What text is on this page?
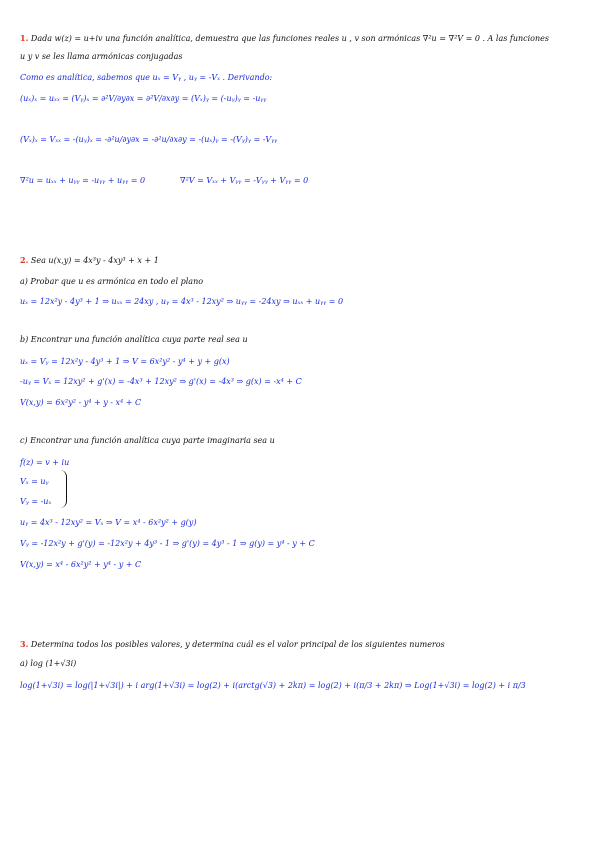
1. Dada w(z) = u+iv una función analítica, demuestra que las funciones reales u , v son armónicas ∇²u = ∇²V = 0 . A las funciones
u y v se les llama armónicas conjugadas
Como es analítica, sabemos que uₓ = Vᵧ , uᵧ = -Vₓ . Derivando:
(uₓ)ₓ = uₓₓ = (Vᵧ)ₓ = ∂²V/∂y∂x = ∂²V/∂x∂y = (Vₓ)ᵧ = (-uᵧ)ᵧ = -uᵧᵧ
(Vₓ)ₓ = Vₓₓ = -(uᵧ)ₓ = -∂²u/∂y∂x = -∂²u/∂x∂y = -(uₓ)ᵧ = -(Vᵧ)ᵧ = -Vᵧᵧ
∇²u = uₓₓ + uᵧᵧ = -uᵧᵧ + uᵧᵧ = 0	∇²V = Vₓₓ + Vᵧᵧ = -Vᵧᵧ + Vᵧᵧ = 0
2. Sea u(x,y) = 4x³y - 4xy³ + x + 1
a) Probar que u es armónica en todo el plano
uₓ = 12x²y - 4y³ + 1 ⇒ uₓₓ = 24xy , uᵧ = 4x³ - 12xy² ⇒ uᵧᵧ = -24xy ⇒ uₓₓ + uᵧᵧ = 0
b) Encontrar una función analítica cuya parte real sea u
uₓ = Vᵧ = 12x²y - 4y³ + 1 ⇒ V = 6x²y² - y⁴ + y + g(x)
-uᵧ = Vₓ = 12xy² + g'(x) = -4x³ + 12xy² ⇒ g'(x) = -4x³ ⇒ g(x) = -x⁴ + C
V(x,y) = 6x²y² - y⁴ + y - x⁴ + C
c) Encontrar una función analítica cuya parte imaginaria sea u
f(z) = v + iu
Vₓ = uᵧ
Vᵧ = -uₓ
uᵧ = 4x³ - 12xy² = Vₓ ⇒ V = x⁴ - 6x²y² + g(y)
Vᵧ = -12x²y + g'(y) = -12x²y + 4y³ - 1 ⇒ g'(y) = 4y³ - 1 ⇒ g(y) = y⁴ - y + C
V(x,y) = x⁴ - 6x²y² + y⁴ - y + C
3. Determina todos los posibles valores, y determina cuál es el valor principal de los siguientes numeros
a) log (1+√3i)
log(1+√3i) = log(|1+√3i|) + i arg(1+√3i) = log(2) + i(arctg(√3) + 2kπ) = log(2) + i(π/3 + 2kπ) ⇒ Log(1+√3i) = log(2) + i π/3
